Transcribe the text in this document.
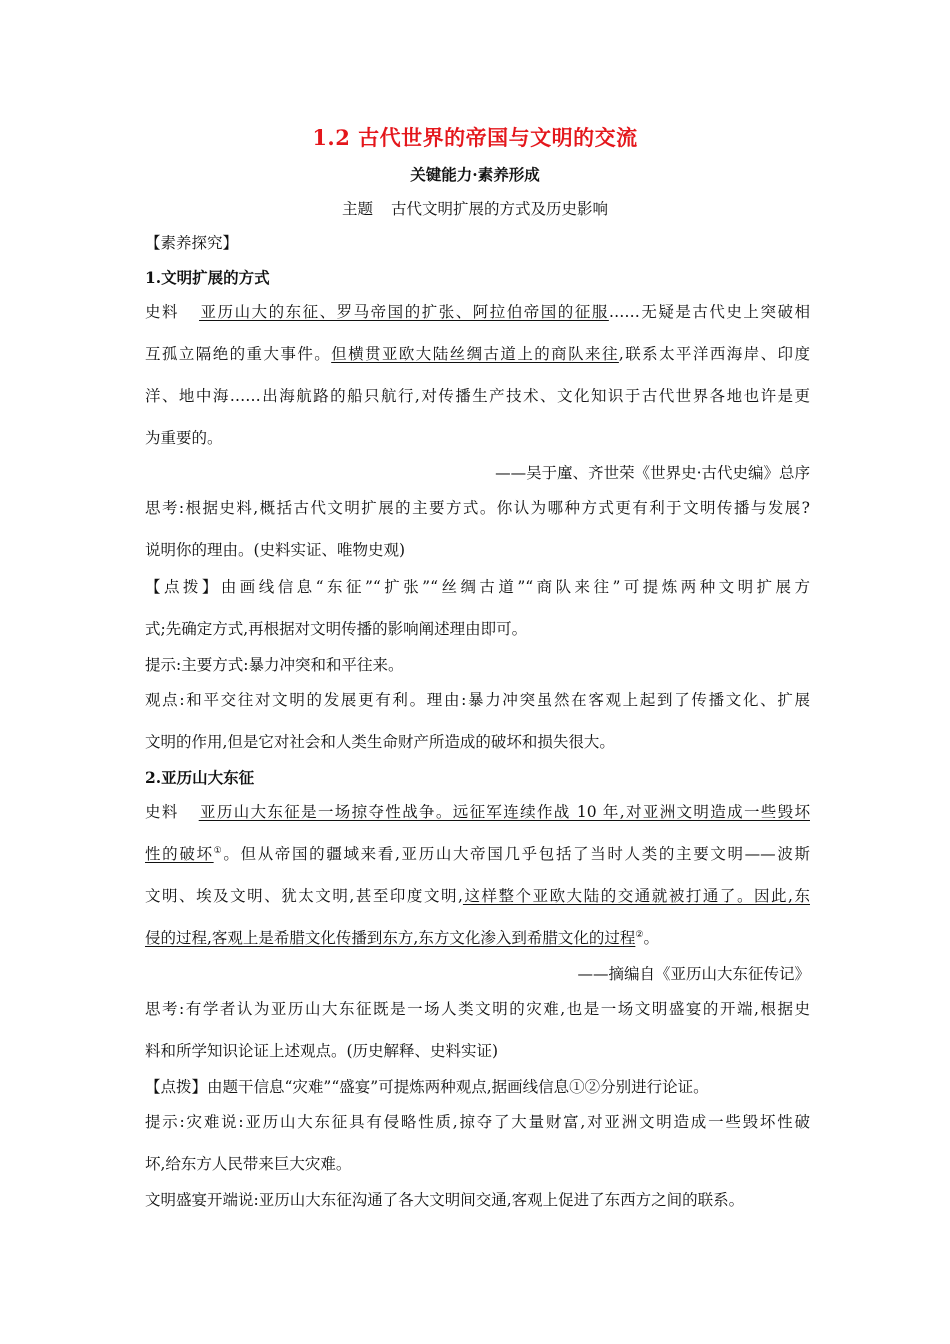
1.2 古代世界的帝国与文明的交流
关键能力·素养形成
主题 古代文明扩展的方式及历史影响
【素养探究】
1.文明扩展的方式
史料 亚历山大的东征、罗马帝国的扩张、阿拉伯帝国的征服……无疑是古代史上突破相
互孤立隔绝的重大事件。但横贯亚欧大陆丝绸古道上的商队来往,联系太平洋西海岸、印度
洋、地中海……出海航路的船只航行,对传播生产技术、文化知识于古代世界各地也许是更
为重要的。
——吴于廑、齐世荣《世界史·古代史编》总序
思考:根据史料,概括古代文明扩展的主要方式。你认为哪种方式更有利于文明传播与发展?
说明你的理由。(史料实证、唯物史观)
【点拨】由画线信息“东征”“扩张”“丝绸古道”“商队来往”可提炼两种文明扩展方
式;先确定方式,再根据对文明传播的影响阐述理由即可。
提示:主要方式:暴力冲突和和平往来。
观点:和平交往对文明的发展更有利。理由:暴力冲突虽然在客观上起到了传播文化、扩展
文明的作用,但是它对社会和人类生命财产所造成的破坏和损失很大。
2.亚历山大东征
史料 亚历山大东征是一场掠夺性战争。远征军连续作战 10 年,对亚洲文明造成一些毁坏
性的破坏①。但从帝国的疆域来看,亚历山大帝国几乎包括了当时人类的主要文明——波斯
文明、埃及文明、犹太文明,甚至印度文明,这样整个亚欧大陆的交通就被打通了。因此,东
侵的过程,客观上是希腊文化传播到东方,东方文化渗入到希腊文化的过程②。
——摘编自《亚历山大东征传记》
思考:有学者认为亚历山大东征既是一场人类文明的灾难,也是一场文明盛宴的开端,根据史
料和所学知识论证上述观点。(历史解释、史料实证)
【点拨】由题干信息“灾难”“盛宴”可提炼两种观点,据画线信息①②分别进行论证。
提示:灾难说:亚历山大东征具有侵略性质,掠夺了大量财富,对亚洲文明造成一些毁坏性破
坏,给东方人民带来巨大灾难。
文明盛宴开端说:亚历山大东征沟通了各大文明间交通,客观上促进了东西方之间的联系。
